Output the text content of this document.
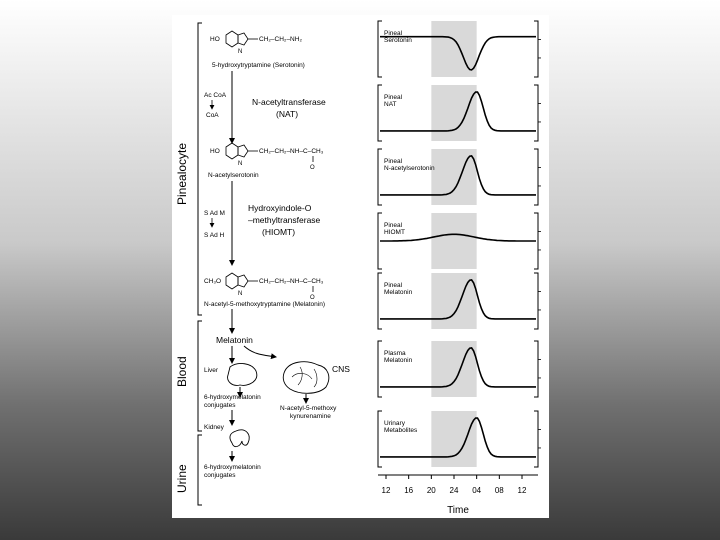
Pinealocyte
Blood
Urine
HO
N
CH₂–CH₂–NH₂
5-hydroxytryptamine (Serotonin)
Ac CoA
CoA
N-acetyltransferase
(NAT)
HO
N
CH₂–CH₂–NH–C–CH₃
O
N-acetylserotonin
S Ad M
S Ad H
Hydroxyindole-O
–methyltransferase
(HIOMT)
CH₃O
N
CH₂–CH₂–NH–C–CH₃
O
N-acetyl-5-methoxytryptamine (Melatonin)
Melatonin
Liver	CNS
N-acetyl-5-methoxy
kynurenamine
6-hydroxymelatonin
conjugates
Kidney
6-hydroxymelatonin
conjugates
Pineal
Serotonin
Pineal
NAT
Pineal
N-acetylserotonin
Pineal
HIOMT
Pineal
Melatonin
Plasma
Melatonin
Urinary
Metabolites
12 16 20 24 04 08 12
Time
